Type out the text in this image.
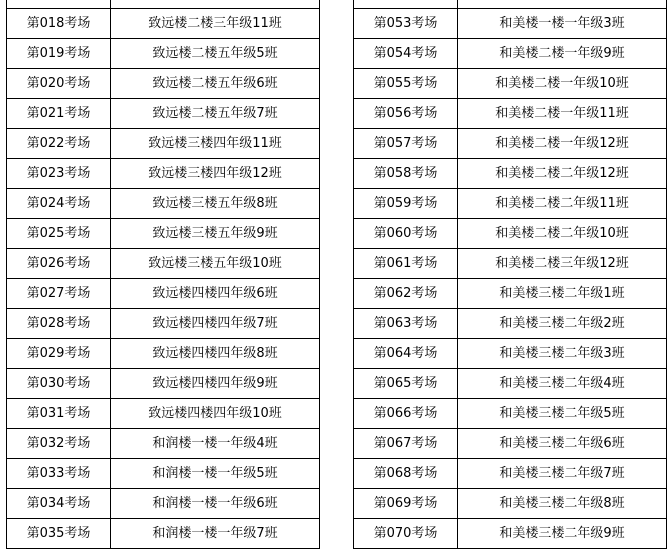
第018考场	致远楼二楼三年级11班
第019考场	致远楼二楼五年级5班
第020考场	致远楼二楼五年级6班
第021考场	致远楼二楼五年级7班
第022考场	致远楼三楼四年级11班
第023考场	致远楼三楼四年级12班
第024考场	致远楼三楼五年级8班
第025考场	致远楼三楼五年级9班
第026考场	致远楼三楼五年级10班
第027考场	致远楼四楼四年级6班
第028考场	致远楼四楼四年级7班
第029考场	致远楼四楼四年级8班
第030考场	致远楼四楼四年级9班
第031考场	致远楼四楼四年级10班
第032考场	和润楼一楼一年级4班
第033考场	和润楼一楼一年级5班
第034考场	和润楼一楼一年级6班
第035考场	和润楼一楼一年级7班

第053考场	和美楼一楼一年级3班
第054考场	和美楼二楼一年级9班
第055考场	和美楼二楼一年级10班
第056考场	和美楼二楼一年级11班
第057考场	和美楼二楼一年级12班
第058考场	和美楼二楼二年级12班
第059考场	和美楼二楼二年级11班
第060考场	和美楼二楼二年级10班
第061考场	和美楼二楼三年级12班
第062考场	和美楼三楼二年级1班
第063考场	和美楼三楼二年级2班
第064考场	和美楼三楼二年级3班
第065考场	和美楼三楼二年级4班
第066考场	和美楼三楼二年级5班
第067考场	和美楼三楼二年级6班
第068考场	和美楼三楼二年级7班
第069考场	和美楼三楼二年级8班
第070考场	和美楼三楼二年级9班
